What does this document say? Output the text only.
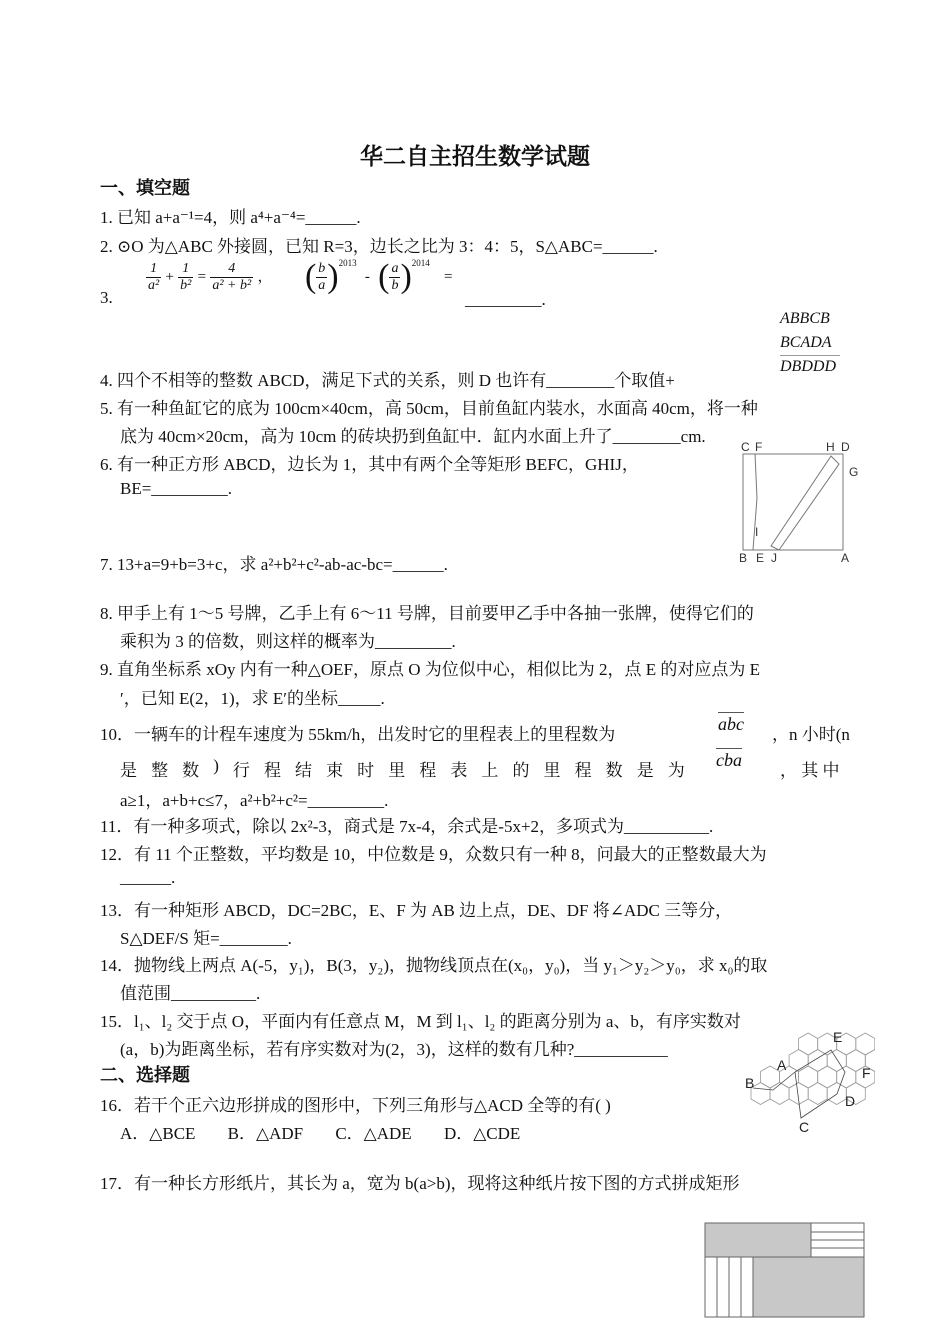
华二自主招生数学试题
一、填空题
1. 已知 a+a⁻¹=4，则 a⁴+a⁻⁴=______.
2. ⊙O 为△ABC 外接圆，已知 R=3，边长之比为 3：4：5，S△ABC=______.
3.
$\frac{1}{\text{a²}} + \frac{1}{\text{b²}} = \frac{4}{\text{a² + b²}}$ ， ( $\frac{b}{a} )^{2013}$ - ( $\frac{a}{b} )^{2014}$ =
_________.
ABBCB
BCADA
DBDDD
4. 四个不相等的整数 ABCD，满足下式的关系，则 D 也许有________个取值+
5. 有一种鱼缸它的底为 100cm×40cm，高 50cm，目前鱼缸内装水，水面高 40cm，将一种
底为 40cm×20cm，高为 10cm 的砖块扔到鱼缸中．缸内水面上升了________cm.
6. 有一种正方形 ABCD，边长为 1，其中有两个全等矩形 BEFC，GHIJ，
BE=_________.
C F	H D
G
I
B E J	A
7. 13+a=9+b=3+c，求 a²+b²+c²-ab-ac-bc=______.
8. 甲手上有 1～5 号牌，乙手上有 6～11 号牌，目前要甲乙手中各抽一张牌，使得它们的
乘积为 3 的倍数，则这样的概率为_________.
9. 直角坐标系 xOy 内有一种△OEF，原点 O 为位似中心，相似比为 2，点 E 的对应点为 E
′，已知 E(2，1)，求 E′的坐标_____.
10．一辆车的计程车速度为 55km/h，出发时它的里程表上的里程数为
abc
，n 小时(n
是 整 数 ) 行 程 结 束 时 里 程 表 上 的 里 程 数 是 为
cba
， 其 中
a≥1，a+b+c≤7，a²+b²+c²=_________.
11．有一种多项式，除以 2x²-3，商式是 7x-4，余式是-5x+2，多项式为__________.
12．有 11 个正整数，平均数是 10，中位数是 9，众数只有一种 8，问最大的正整数最大为
______.
13．有一种矩形 ABCD，DC=2BC，E、F 为 AB 边上点，DE、DF 将∠ADC 三等分，
S△DEF/S 矩=________.
14．抛物线上两点 A(-5，y₁)，B(3，y₂)，抛物线顶点在(x₀，y₀)，当 y₁＞y₂＞y₀，求 x₀的取
值范围__________.
15．l₁、l₂ 交于点 O，平面内有任意点 M，M 到 l₁、l₂ 的距离分别为 a、b，有序实数对
(a，b)为距离坐标，若有序实数对为(2，3)，这样的数有几种?___________
二、选择题
16．若干个正六边形拼成的图形中，下列三角形与△ACD 全等的有( )
A．△BCE B．△ADF C．△ADE D．△CDE
E
A	F
B
D
C
17．有一种长方形纸片，其长为 a，宽为 b(a>b)，现将这种纸片按下图的方式拼成矩形
